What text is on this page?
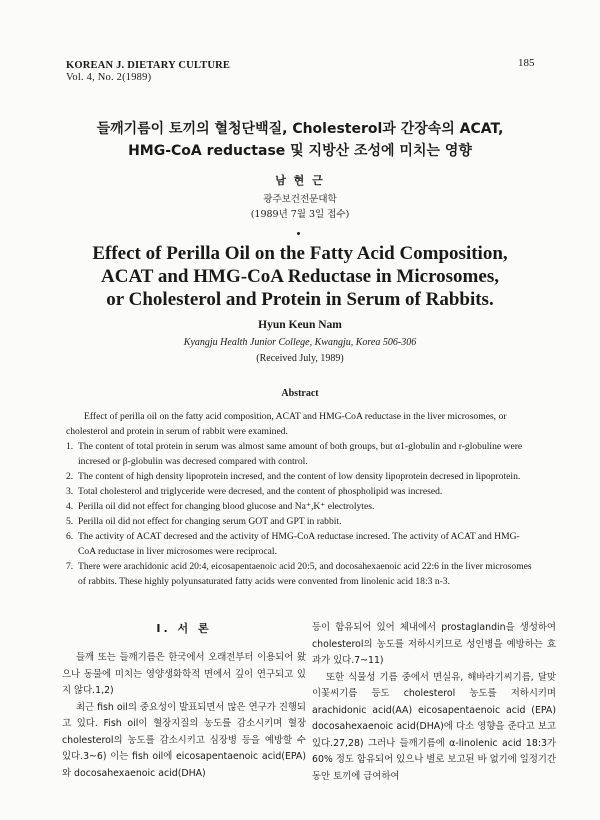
KOREAN J. DIETARY CULTURE
Vol. 4, No. 2(1989)
185
들깨기름이 토끼의 혈청단백질, Cholesterol과 간장속의 ACAT,
HMG-CoA reductase 및 지방산 조성에 미치는 영향
남 현 근
광주보건전문대학
(1989년 7월 3일 접수)
Effect of Perilla Oil on the Fatty Acid Composition,
ACAT and HMG-CoA Reductase in Microsomes,
or Cholesterol and Protein in Serum of Rabbits.
Hyun Keun Nam
Kyangju Health Junior College, Kwangju, Korea 506-306
(Received July, 1989)
Abstract

Effect of perilla oil on the fatty acid composition, ACAT and HMG-CoA reductase in the liver microsomes, or cholesterol and protein in serum of rabbit were examined.

1. The content of total protein in serum was almost same amount of both groups, but α1-globulin and r-globuline were incresed or β-globulin was decresed compared with control.
2. The content of high density lipoprotein incresed, and the content of low density lipoprotein decresed in lipoprotein.
3. Total cholesterol and triglyceride were decresed, and the content of phospholipid was incresed.
4. Perilla oil did not effect for changing blood glucose and Na⁺,K⁺ electrolytes.
5. Perilla oil did not effect for changing serum GOT and GPT in rabbit.
6. The activity of ACAT decresed and the activity of HMG-CoA reductase incresed. The activity of ACAT and HMG-CoA reductase in liver microsomes were reciprocal.
7. There were arachidonic acid 20:4, eicosapentaenoic acid 20:5, and docosahexaenoic acid 22:6 in the liver microsomes of rabbits. These highly polyunsaturated fatty acids were convented from linolenic acid 18:3 n-3.
I. 서 론

들깨 또는 들깨기름은 한국에서 오래전부터 이용되어 왔으나 동물에 미치는 영양생화학적 면에서 깊이 연구되고 있지 않다.1,2)

최근 fish oil의 중요성이 발표되면서 많은 연구가 진행되고 있다. Fish oil이 혈장지질의 농도를 감소시키며 혈장 cholesterol의 농도를 감소시키고 심장병 등을 예방할 수 있다.3~6) 이는 fish oil에 eicosapentaenoic acid(EPA)와 docosahexaenoic acid(DHA)

등이 함유되어 있어 체내에서 prostaglandin을 생성하여 cholesterol의 농도를 저하시키므로 성인병을 예방하는 효과가 있다.7~11)

또한 식물성 기름 중에서 면실유, 해바라기씨기름, 달맞이꽃씨기름 등도 cholesterol 농도를 저하시키며 arachidonic acid(AA) eicosapentaenoic acid (EPA) docosahexaenoic acid(DHA)에 다소 영향을 준다고 보고 있다.27,28) 그러나 들깨기름에 α-linolenic acid 18:3가 60% 정도 함유되어 있으나 별로 보고된 바 없기에 일정기간 동안 토끼에 급여하여
